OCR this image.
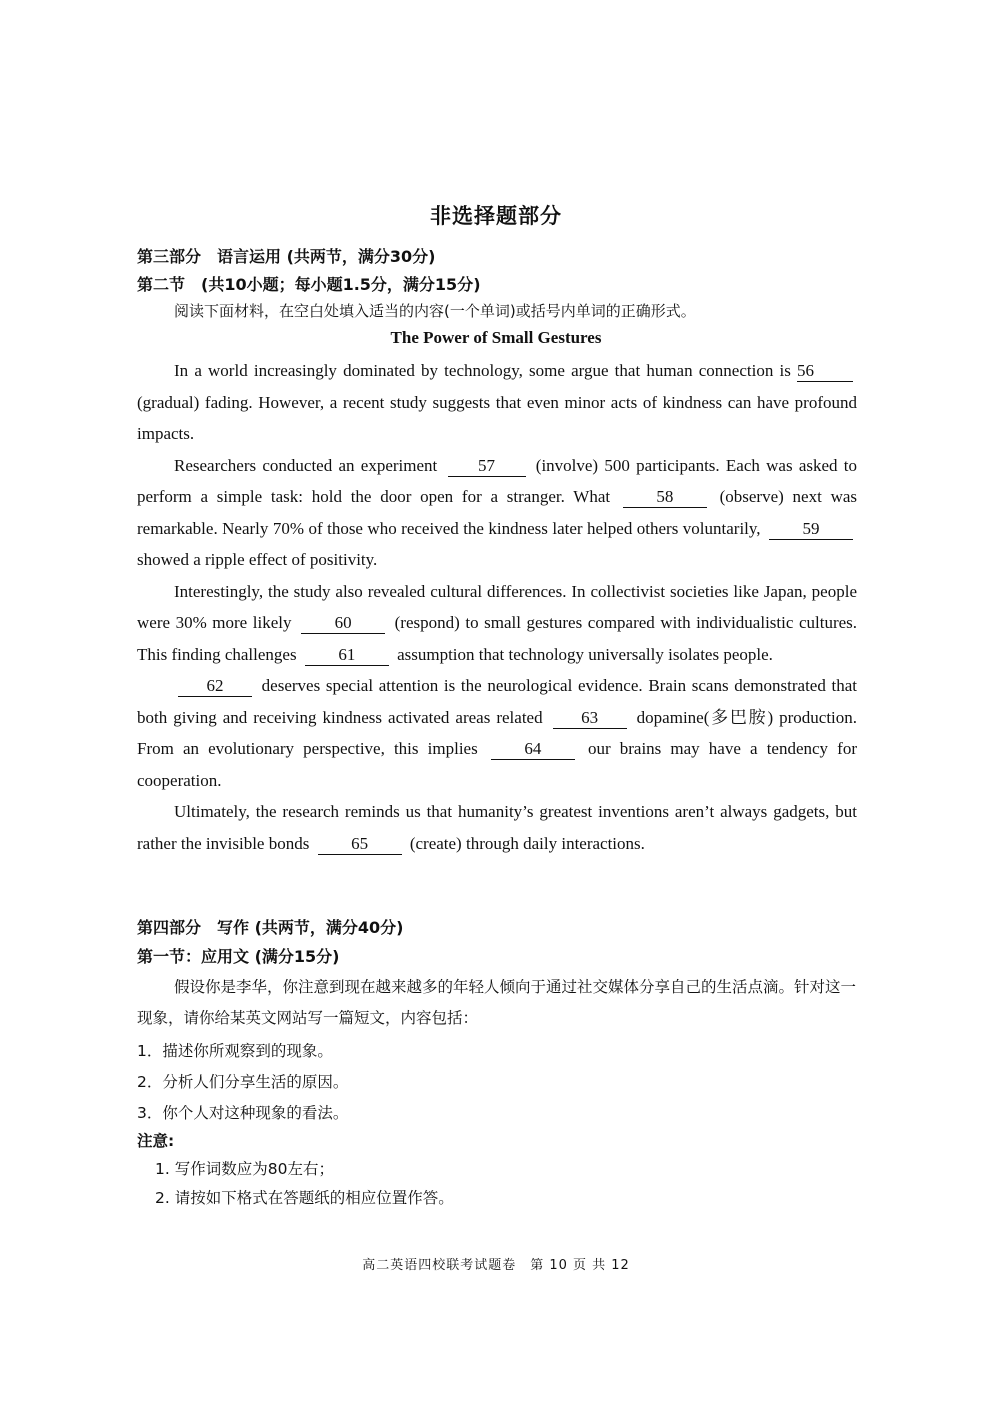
非选择题部分
第三部分　语言运用 (共两节，满分30分)
第二节　(共10小题；每小题1.5分，满分15分)
阅读下面材料，在空白处填入适当的内容(一个单词)或括号内单词的正确形式。
The Power of Small Gestures

In a world increasingly dominated by technology, some argue that human connection is 56 (gradual) fading. However, a recent study suggests that even minor acts of kindness can have profound impacts.

Researchers conducted an experiment 57 (involve) 500 participants. Each was asked to perform a simple task: hold the door open for a stranger. What	58	(observe) next was remarkable. Nearly 70% of those who received the kindness later helped others voluntarily, 59 showed a ripple effect of positivity.

Interestingly, the study also revealed cultural differences. In collectivist societies like Japan, people were 30% more likely	60	(respond) to small gestures compared with individualistic cultures. This finding challenges 61 assumption that technology universally isolates people.

62 deserves special attention is the neurological evidence. Brain scans demonstrated that both giving and receiving kindness activated areas related 63 dopamine(多巴胺) production. From an evolutionary perspective, this implies	64	our brains may have a tendency for cooperation.

Ultimately, the research reminds us that humanity’s greatest inventions aren’t always gadgets, but rather the invisible bonds 65 (create) through daily interactions.

第四部分　写作 (共两节，满分40分)
第一节：应用文 (满分15分)

假设你是李华，你注意到现在越来越多的年轻人倾向于通过社交媒体分享自己的生活点滴。针对这一现象，请你给某英文网站写一篇短文，内容包括：

1．描述你所观察到的现象。
2．分析人们分享生活的原因。
3．你个人对这种现象的看法。
注意:
1. 写作词数应为80左右；
2. 请按如下格式在答题纸的相应位置作答。
高二英语四校联考试题卷　第 10 页 共 12
